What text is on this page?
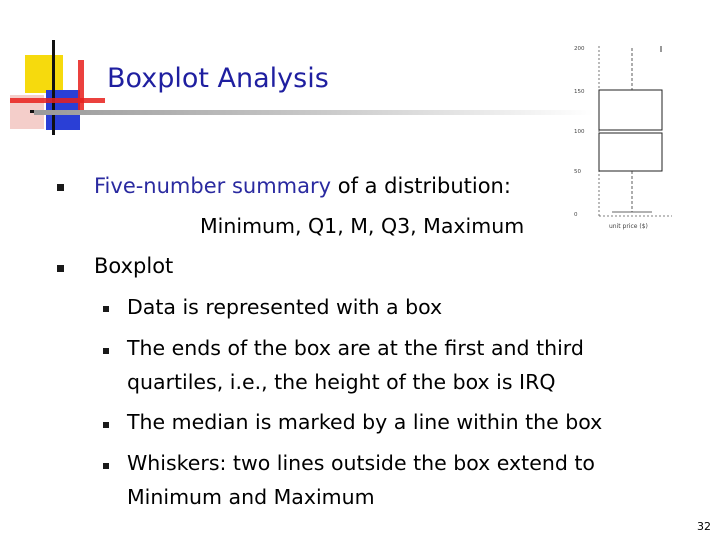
Boxplot Analysis
Five-number summary of a distribution:
Minimum, Q1, M, Q3, Maximum
Boxplot
Data is represented with a box
The ends of the box are at the first and third
quartiles, i.e., the height of the box is IRQ
The median is marked by a line within the box
Whiskers: two lines outside the box extend to
Minimum and Maximum
200
150
100
50
0
unit price ($)
32
